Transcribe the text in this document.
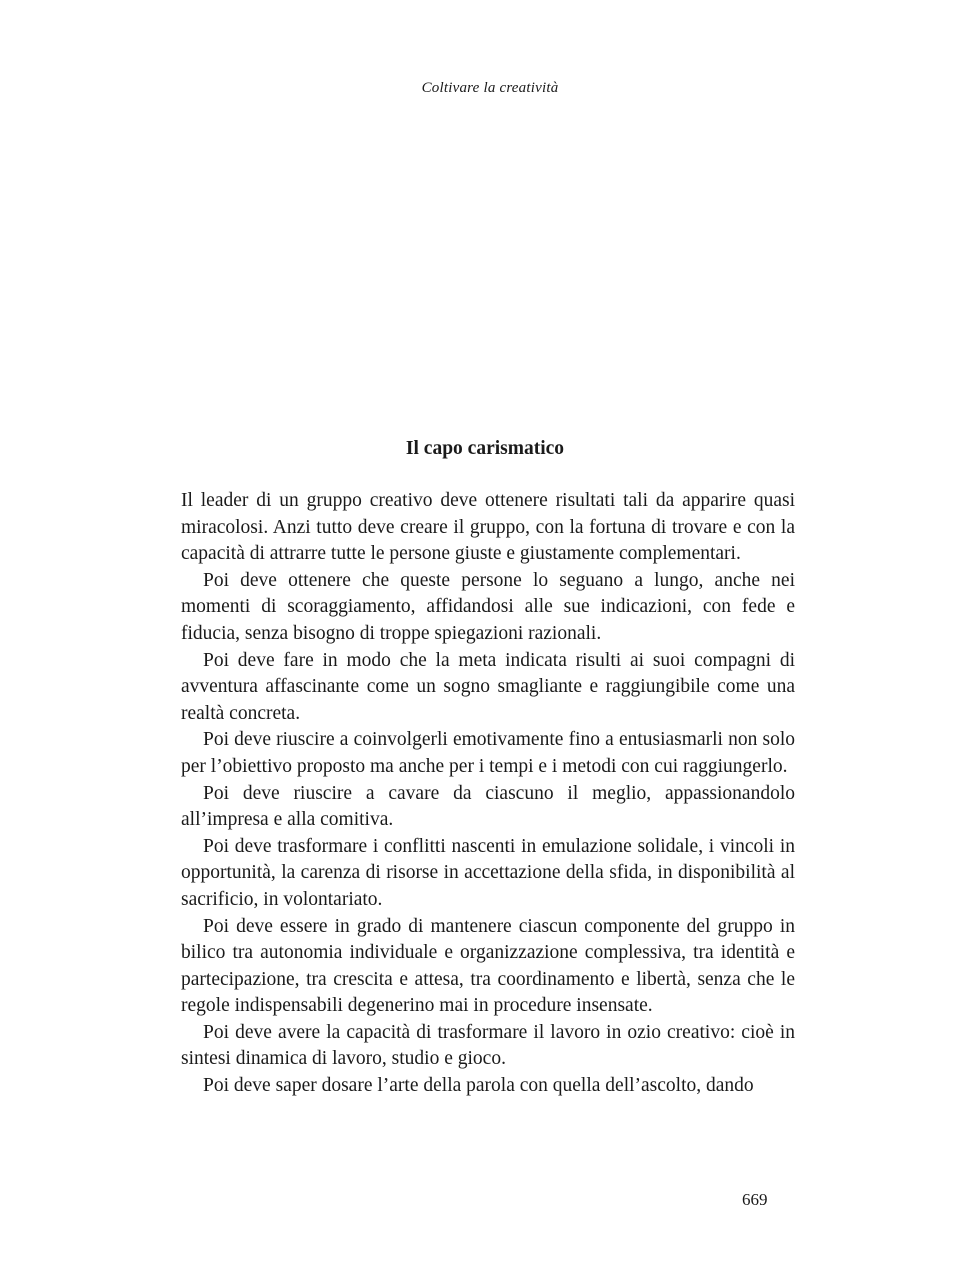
Coltivare la creatività
Il capo carismatico

Il leader di un gruppo creativo deve ottenere risultati tali da apparire quasi miracolosi. Anzi tutto deve creare il gruppo, con la fortuna di trovare e con la capacità di attrarre tutte le persone giuste e giustamente complementari.

Poi deve ottenere che queste persone lo seguano a lungo, anche nei momenti di scoraggiamento, affidandosi alle sue indicazioni, con fede e fiducia, senza bisogno di troppe spiegazioni razionali.

Poi deve fare in modo che la meta indicata risulti ai suoi compagni di avventura affascinante come un sogno smagliante e raggiungibile come una realtà concreta.

Poi deve riuscire a coinvolgerli emotivamente fino a entusiasmarli non solo per l’obiettivo proposto ma anche per i tempi e i metodi con cui raggiungerlo.

Poi deve riuscire a cavare da ciascuno il meglio, appassionandolo all’impresa e alla comitiva.

Poi deve trasformare i conflitti nascenti in emulazione solidale, i vincoli in opportunità, la carenza di risorse in accettazione della sfida, in disponibilità al sacrificio, in volontariato.

Poi deve essere in grado di mantenere ciascun componente del gruppo in bilico tra autonomia individuale e organizzazione complessiva, tra identità e partecipazione, tra crescita e attesa, tra coordinamento e libertà, senza che le regole indispensabili degenerino mai in procedure insensate.

Poi deve avere la capacità di trasformare il lavoro in ozio creativo: cioè in sintesi dinamica di lavoro, studio e gioco.

Poi deve saper dosare l’arte della parola con quella dell’ascolto, dando

669
